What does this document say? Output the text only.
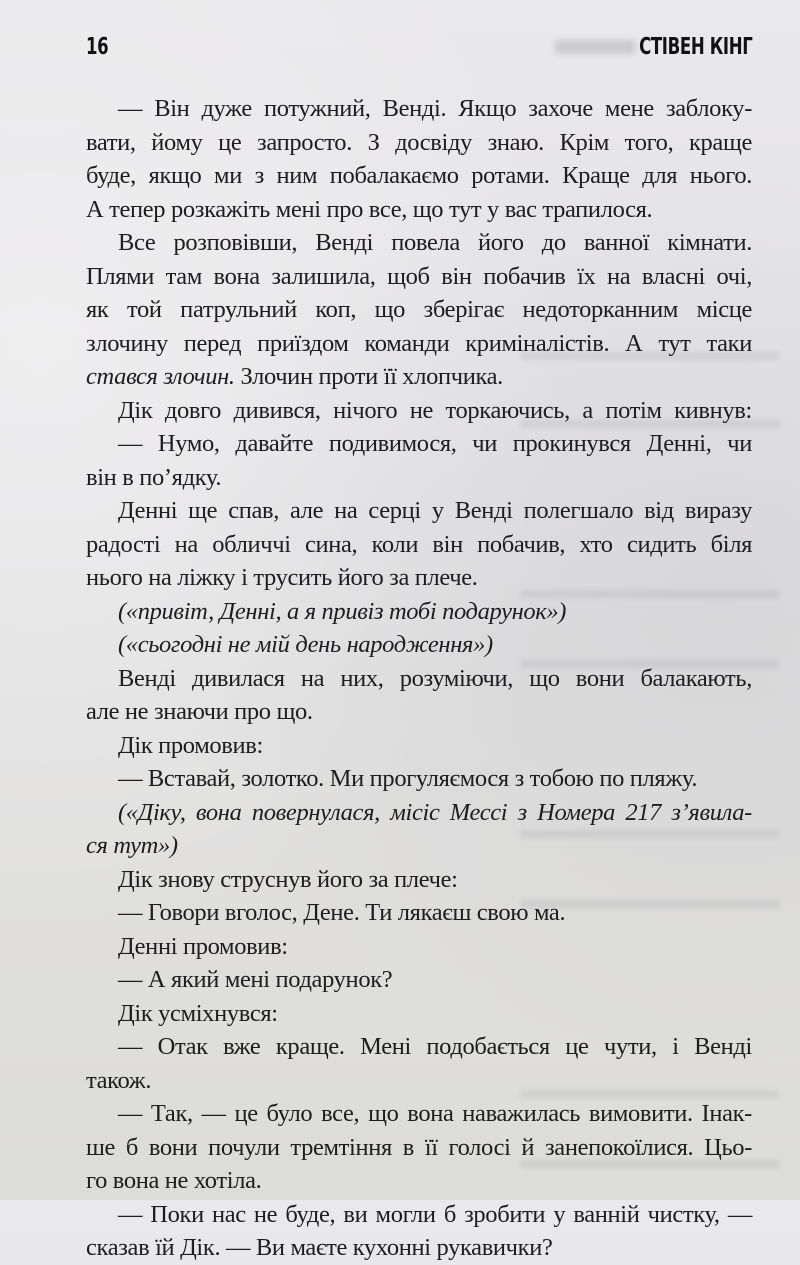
16	СТІВЕН КІНГ
— Він дуже потужний, Венді. Якщо захоче мене заблоку-
вати, йому це запросто. З досвіду знаю. Крім того, краще
буде, якщо ми з ним побалакаємо ротами. Краще для нього.
А тепер розкажіть мені про все, що тут у вас трапилося.
Все розповівши, Венді повела його до ванної кімнати.
Плями там вона залишила, щоб він побачив їх на власні очі,
як той патрульний коп, що зберігає недоторканним місце
злочину перед приїздом команди криміналістів. А тут таки
стався злочин. Злочин проти її хлопчика.
Дік довго дивився, нічого не торкаючись, а потім кивнув:
— Нумо, давайте подивимося, чи прокинувся Денні, чи
він в по’ядку.
Денні ще спав, але на серці у Венді полегшало від виразу
радості на обличчі сина, коли він побачив, хто сидить біля
нього на ліжку і трусить його за плече.
(«привіт, Денні, а я привіз тобі подарунок»)
(«сьогодні не мій день народження»)
Венді дивилася на них, розуміючи, що вони балакають,
але не знаючи про що.
Дік промовив:
— Вставай, золотко. Ми прогуляємося з тобою по пляжу.
(«Діку, вона повернулася, місіс Мессі з Номера 217 з’явила-
ся тут»)
Дік знову струснув його за плече:
— Говори вголос, Дене. Ти лякаєш свою ма.
Денні промовив:
— А який мені подарунок?
Дік усміхнувся:
— Отак вже краще. Мені подобається це чути, і Венді
також.
— Так, — це було все, що вона наважилась вимовити. Інак-
ше б вони почули тремтіння в її голосі й занепокоїлися. Цьо-
го вона не хотіла.
— Поки нас не буде, ви могли б зробити у ванній чистку, —
сказав їй Дік. — Ви маєте кухонні рукавички?
